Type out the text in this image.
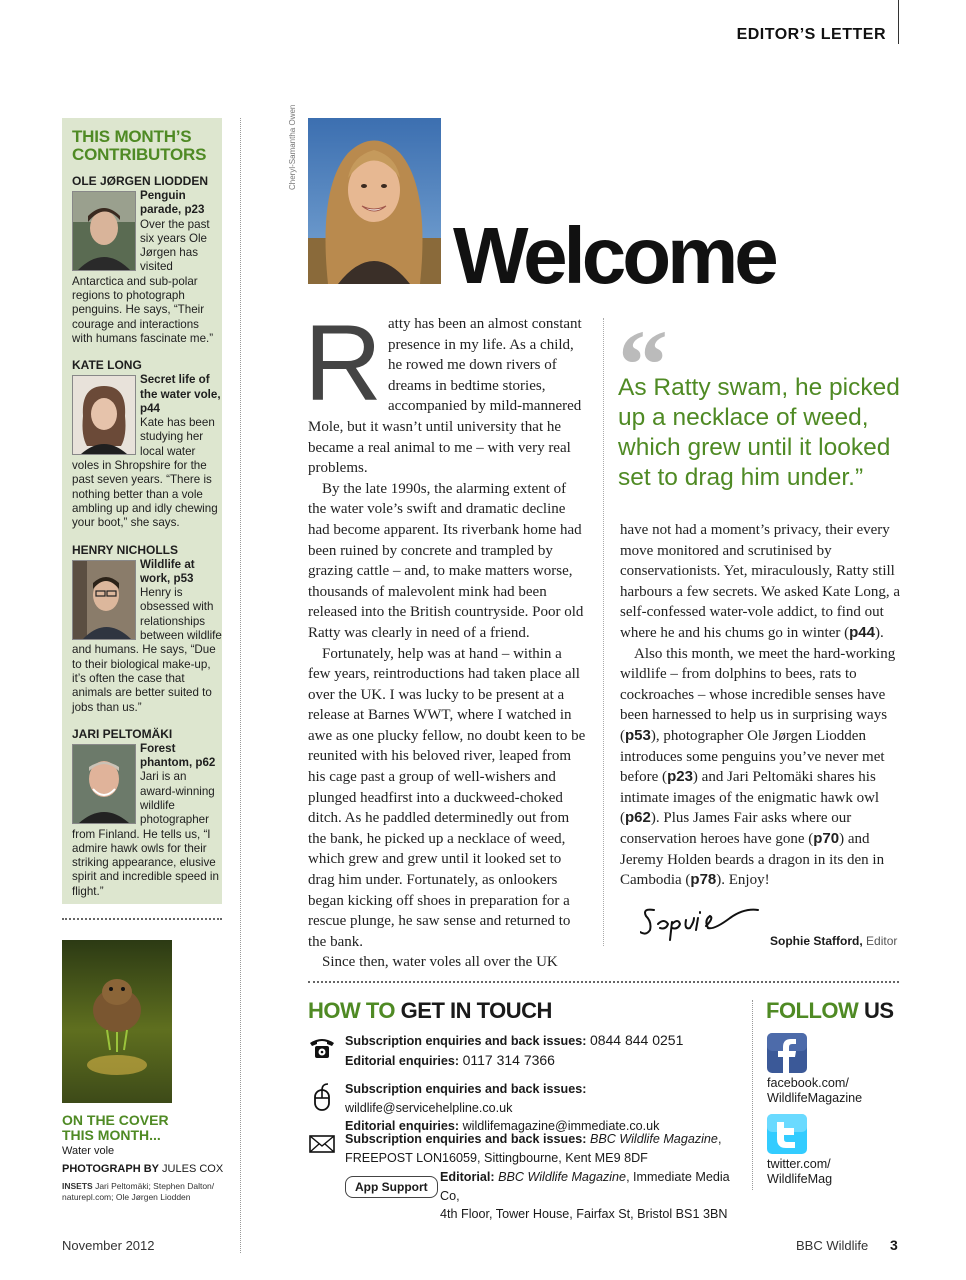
EDITOR’S LETTER
THIS MONTH’S
CONTRIBUTORS
OLE JØRGEN LIODDEN
Penguin parade, p23
Over the past six years Ole Jørgen has visited Antarctica and sub-polar regions to photograph penguins. He says, “Their courage and interactions with humans fascinate me.”
KATE LONG
Secret life of the water vole, p44
Kate has been studying her local water voles in Shropshire for the past seven years. “There is nothing better than a vole ambling up and idly chewing your boot,” she says.
HENRY NICHOLLS
Wildlife at work, p53
Henry is obsessed with relationships between wildlife and humans. He says, “Due to their biological make-up, it’s often the case that animals are better suited to jobs than us.”
JARI PELTOMÄKI
Forest phantom, p62
Jari is an award-winning wildlife photographer from Finland. He tells us, “I admire hawk owls for their striking appearance, elusive spirit and incredible speed in flight.”
ON THE COVER
THIS MONTH...
Water vole
PHOTOGRAPH BY JULES COX
INSETS Jari Peltomäki; Stephen Dalton/ naturepl.com; Ole Jørgen Liodden
Cheryl-Samantha Owen
Welcome
R atty has been an almost constant presence in my life. As a child, he rowed me down rivers of dreams in bedtime stories, accompanied by mild-mannered Mole, but it wasn’t until university that he became a real animal to me – with very real problems.

By the late 1990s, the alarming extent of the water vole’s swift and dramatic decline had become apparent. Its riverbank home had been ruined by concrete and trampled by grazing cattle – and, to make matters worse, thousands of malevolent mink had been released into the British countryside. Poor old Ratty was clearly in need of a friend.

Fortunately, help was at hand – within a few years, reintroductions had taken place all over the UK. I was lucky to be present at a release at Barnes WWT, where I watched in awe as one plucky fellow, no doubt keen to be reunited with his beloved river, leaped from his cage past a group of well-wishers and plunged headfirst into a duckweed-choked ditch. As he paddled determinedly out from the bank, he picked up a necklace of weed, which grew and grew until it looked set to drag him under. Fortunately, as onlookers began kicking off shoes in preparation for a rescue plunge, he saw sense and returned to the bank.

Since then, water voles all over the UK

“
As Ratty swam, he picked up a necklace of weed, which grew until it looked set to drag him under.”

have not had a moment’s privacy, their every move monitored and scrutinised by conservationists. Yet, miraculously, Ratty still harbours a few secrets. We asked Kate Long, a self-confessed water-vole addict, to find out where he and his chums go in winter (p44).

Also this month, we meet the hard-working wildlife – from dolphins to bees, rats to cockroaches – whose incredible senses have been harnessed to help us in surprising ways (p53), photographer Ole Jørgen Liodden introduces some penguins you’ve never met before (p23) and Jari Peltomäki shares his intimate images of the enigmatic hawk owl (p62). Plus James Fair asks where our conservation heroes have gone (p70) and Jeremy Holden beards a dragon in its den in Cambodia (p78). Enjoy!

Sophie Stafford, Editor
HOW TO GET IN TOUCH
Subscription enquiries and back issues: 0844 844 0251
Editorial enquiries: 0117 314 7366
Subscription enquiries and back issues: wildlife@servicehelpline.co.uk
Editorial enquiries: wildlifemagazine@immediate.co.uk
Subscription enquiries and back issues: BBC Wildlife Magazine,
FREEPOST LON16059, Sittingbourne, Kent ME9 8DF
App Support
Editorial: BBC Wildlife Magazine, Immediate Media Co,
4th Floor, Tower House, Fairfax St, Bristol BS1 3BN
FOLLOW US
facebook.com/ WildlifeMagazine
twitter.com/ WildlifeMag
November 2012	BBC Wildlife 3
